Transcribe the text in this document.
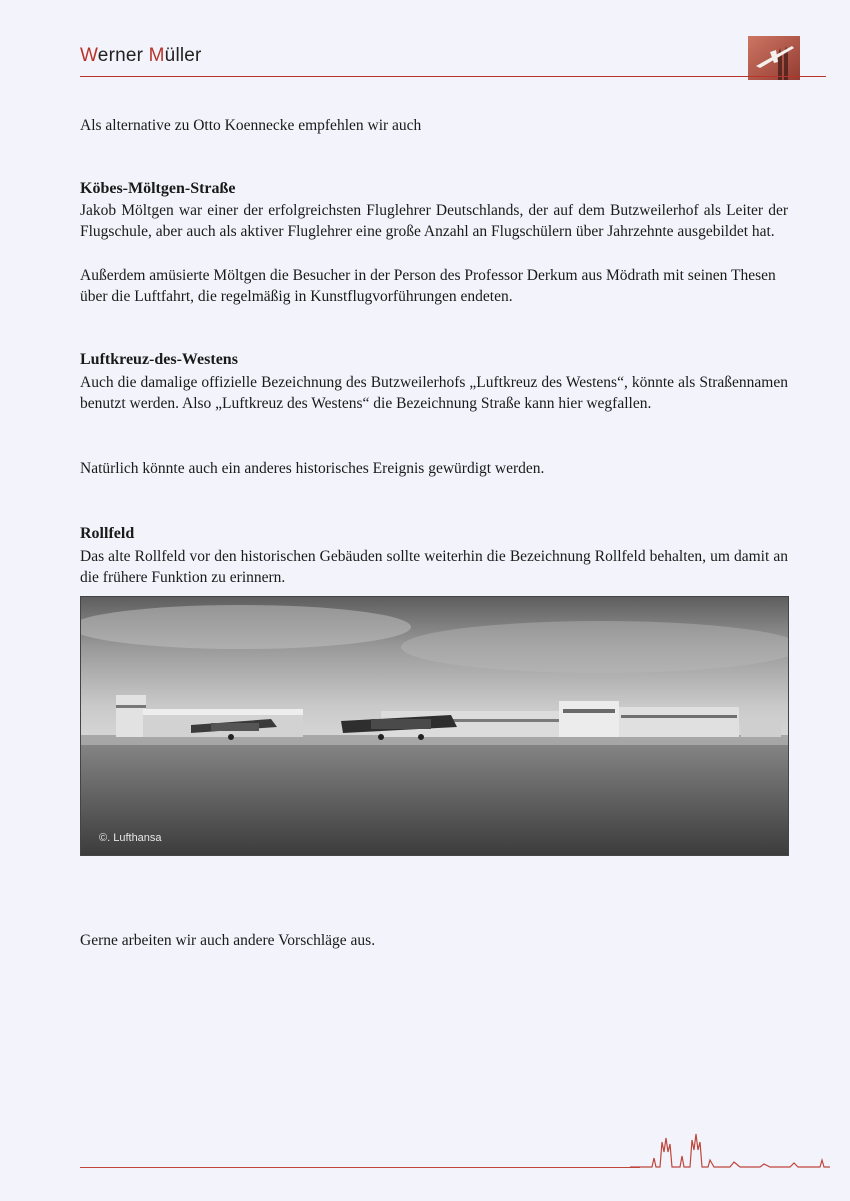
Werner Müller

Als alternative zu Otto Koennecke empfehlen wir auch

Köbes-Möltgen-Straße

Jakob Möltgen war einer der erfolgreichsten Fluglehrer Deutschlands, der auf dem Butzweilerhof als Leiter der Flugschule, aber auch als aktiver Fluglehrer eine große Anzahl an Flugschülern über Jahrzehnte ausgebildet hat.

Außerdem amüsierte Möltgen die Besucher in der Person des Professor Derkum aus Mödrath mit seinen Thesen über die Luftfahrt, die regelmäßig in Kunstflugvorführungen endeten.

Luftkreuz-des-Westens

Auch die damalige offizielle Bezeichnung des Butzweilerhofs „Luftkreuz des Westens“, könnte als Straßennamen benutzt werden. Also „Luftkreuz des Westens“ die Bezeichnung Straße kann hier wegfallen.

Natürlich könnte auch ein anderes historisches Ereignis gewürdigt werden.

Rollfeld

Das alte Rollfeld vor den historischen Gebäuden sollte weiterhin die Bezeichnung Rollfeld behalten, um damit an die frühere Funktion zu erinnern.

©. Lufthansa

Gerne arbeiten wir auch andere Vorschläge aus.
